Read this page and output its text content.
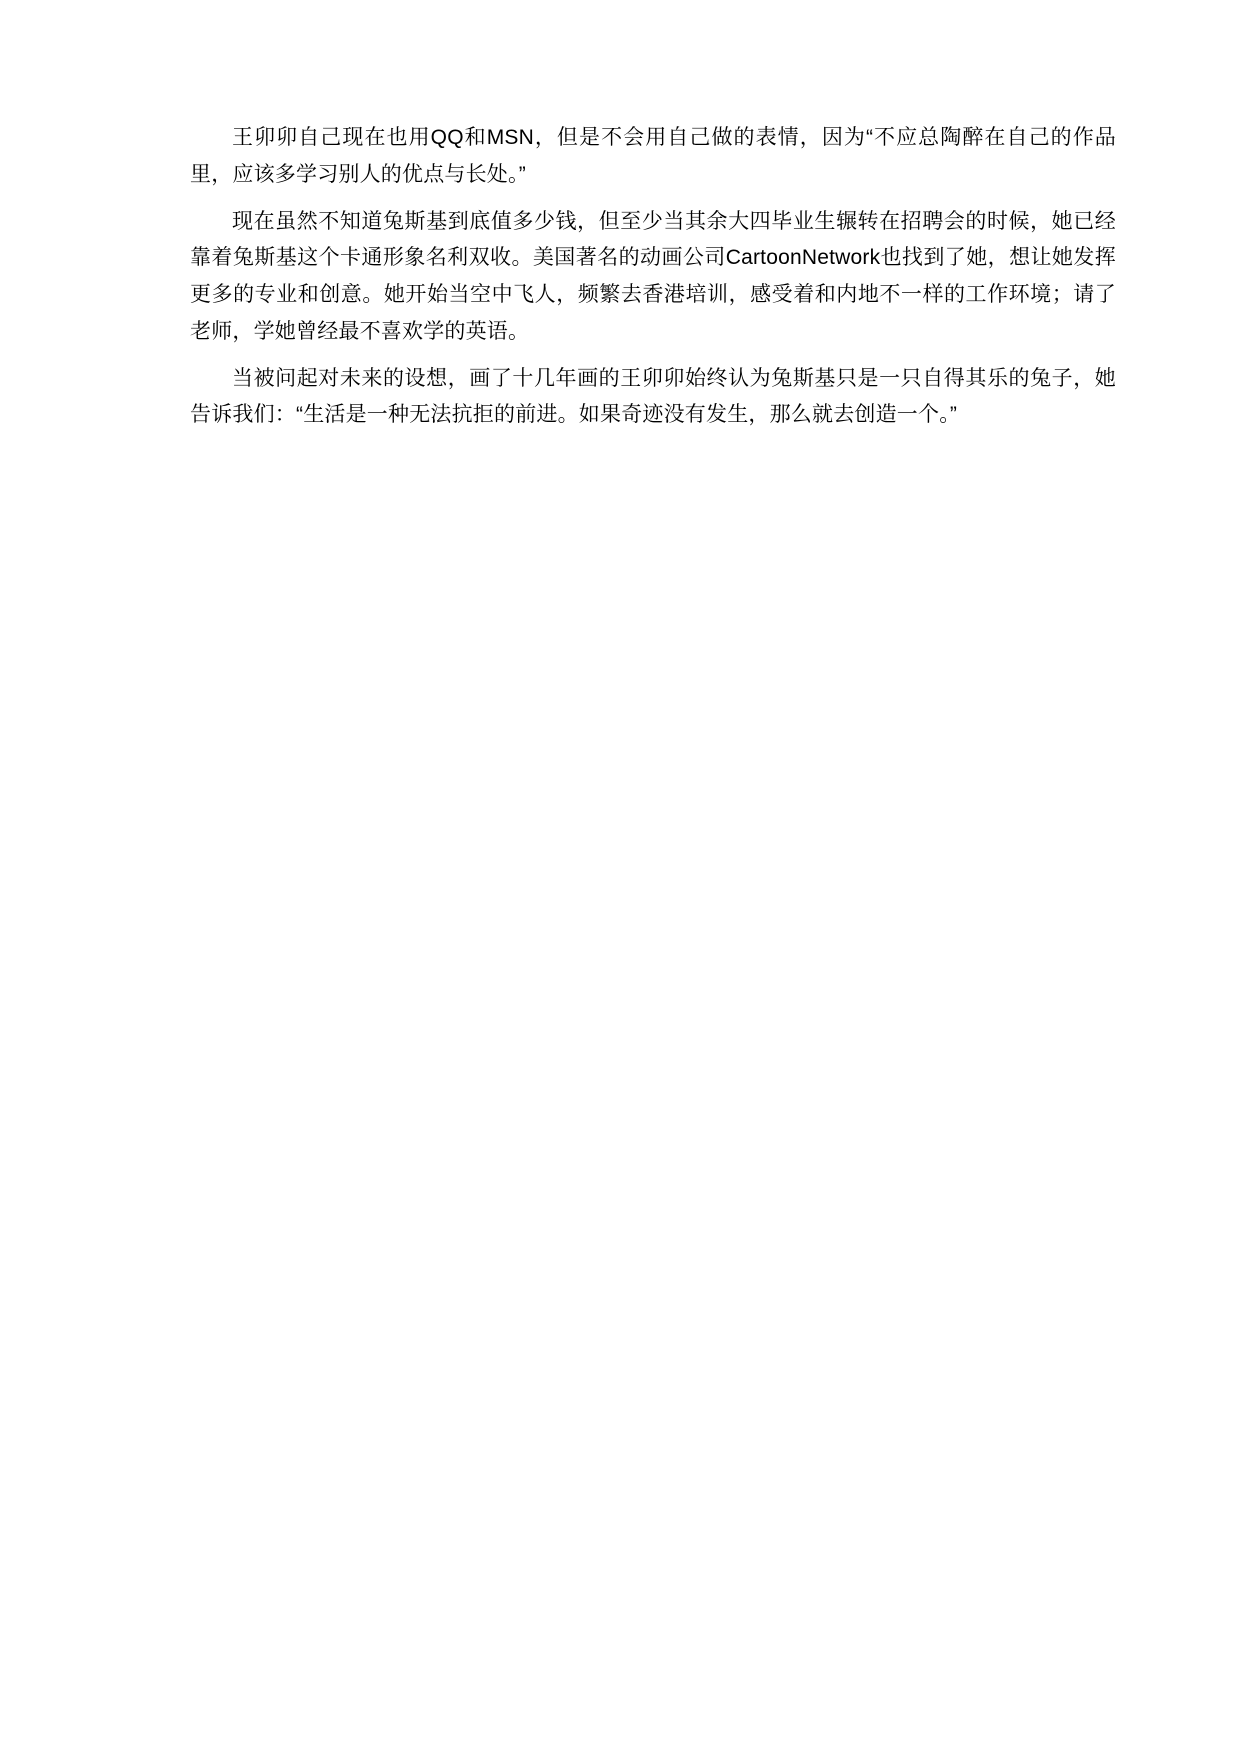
王卯卯自己现在也用QQ和MSN，但是不会用自己做的表情，因为“不应总陶醉在自己的作品里，应该多学习别人的优点与长处。”

现在虽然不知道兔斯基到底值多少钱，但至少当其余大四毕业生辗转在招聘会的时候，她已经靠着兔斯基这个卡通形象名利双收。美国著名的动画公司CartoonNetwork也找到了她，想让她发挥更多的专业和创意。她开始当空中飞人，频繁去香港培训，感受着和内地不一样的工作环境；请了老师，学她曾经最不喜欢学的英语。

当被问起对未来的设想，画了十几年画的王卯卯始终认为兔斯基只是一只自得其乐的兔子，她告诉我们：“生活是一种无法抗拒的前进。如果奇迹没有发生，那么就去创造一个。”
